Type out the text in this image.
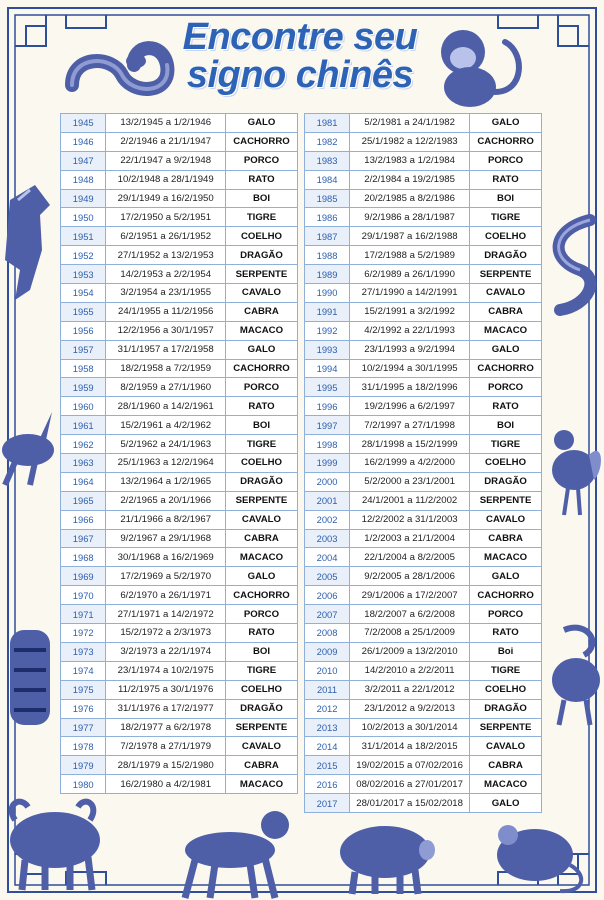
Encontre seu
signo chinês
1945	13/2/1945 a 1/2/1946	GALO
1946	2/2/1946 a 21/1/1947	CACHORRO
1947	22/1/1947 a 9/2/1948	PORCO
1948	10/2/1948 a 28/1/1949	RATO
1949	29/1/1949 a 16/2/1950	BOI
1950	17/2/1950 a 5/2/1951	TIGRE
1951	6/2/1951 a 26/1/1952	COELHO
1952	27/1/1952 a 13/2/1953	DRAGÃO
1953	14/2/1953 a 2/2/1954	SERPENTE
1954	3/2/1954 a 23/1/1955	CAVALO
1955	24/1/1955 a 11/2/1956	CABRA
1956	12/2/1956 a 30/1/1957	MACACO
1957	31/1/1957 a 17/2/1958	GALO
1958	18/2/1958 a 7/2/1959	CACHORRO
1959	8/2/1959 a 27/1/1960	PORCO
1960	28/1/1960 a 14/2/1961	RATO
1961	15/2/1961 a 4/2/1962	BOI
1962	5/2/1962 a 24/1/1963	TIGRE
1963	25/1/1963 a 12/2/1964	COELHO
1964	13/2/1964 a 1/2/1965	DRAGÃO
1965	2/2/1965 a 20/1/1966	SERPENTE
1966	21/1/1966 a 8/2/1967	CAVALO
1967	9/2/1967 a 29/1/1968	CABRA
1968	30/1/1968 a 16/2/1969	MACACO
1969	17/2/1969 a 5/2/1970	GALO
1970	6/2/1970 a 26/1/1971	CACHORRO
1971	27/1/1971 a 14/2/1972	PORCO
1972	15/2/1972 a 2/3/1973	RATO
1973	3/2/1973 a 22/1/1974	BOI
1974	23/1/1974 a 10/2/1975	TIGRE
1975	11/2/1975 a 30/1/1976	COELHO
1976	31/1/1976 a 17/2/1977	DRAGÃO
1977	18/2/1977 a 6/2/1978	SERPENTE
1978	7/2/1978 a 27/1/1979	CAVALO
1979	28/1/1979 a 15/2/1980	CABRA
1980	16/2/1980 a 4/2/1981	MACACO
1981	5/2/1981 a 24/1/1982	GALO
1982	25/1/1982 a 12/2/1983	CACHORRO
1983	13/2/1983 a 1/2/1984	PORCO
1984	2/2/1984 a 19/2/1985	RATO
1985	20/2/1985 a 8/2/1986	BOI
1986	9/2/1986 a 28/1/1987	TIGRE
1987	29/1/1987 a 16/2/1988	COELHO
1988	17/2/1988 a 5/2/1989	DRAGÃO
1989	6/2/1989 a 26/1/1990	SERPENTE
1990	27/1/1990 a 14/2/1991	CAVALO
1991	15/2/1991 a 3/2/1992	CABRA
1992	4/2/1992 a 22/1/1993	MACACO
1993	23/1/1993 a 9/2/1994	GALO
1994	10/2/1994 a 30/1/1995	CACHORRO
1995	31/1/1995 a 18/2/1996	PORCO
1996	19/2/1996 a 6/2/1997	RATO
1997	7/2/1997 a 27/1/1998	BOI
1998	28/1/1998 a 15/2/1999	TIGRE
1999	16/2/1999 a 4/2/2000	COELHO
2000	5/2/2000 a 23/1/2001	DRAGÃO
2001	24/1/2001 a 11/2/2002	SERPENTE
2002	12/2/2002 a 31/1/2003	CAVALO
2003	1/2/2003 a 21/1/2004	CABRA
2004	22/1/2004 a 8/2/2005	MACACO
2005	9/2/2005 a 28/1/2006	GALO
2006	29/1/2006 a 17/2/2007	CACHORRO
2007	18/2/2007 a 6/2/2008	PORCO
2008	7/2/2008 a 25/1/2009	RATO
2009	26/1/2009 a 13/2/2010	Boi
2010	14/2/2010 a 2/2/2011	TIGRE
2011	3/2/2011 a 22/1/2012	COELHO
2012	23/1/2012 a 9/2/2013	DRAGÃO
2013	10/2/2013 a 30/1/2014	SERPENTE
2014	31/1/2014 a 18/2/2015	CAVALO
2015	19/02/2015 a 07/02/2016	CABRA
2016	08/02/2016 a 27/01/2017	MACACO
2017	28/01/2017 a 15/02/2018	GALO
